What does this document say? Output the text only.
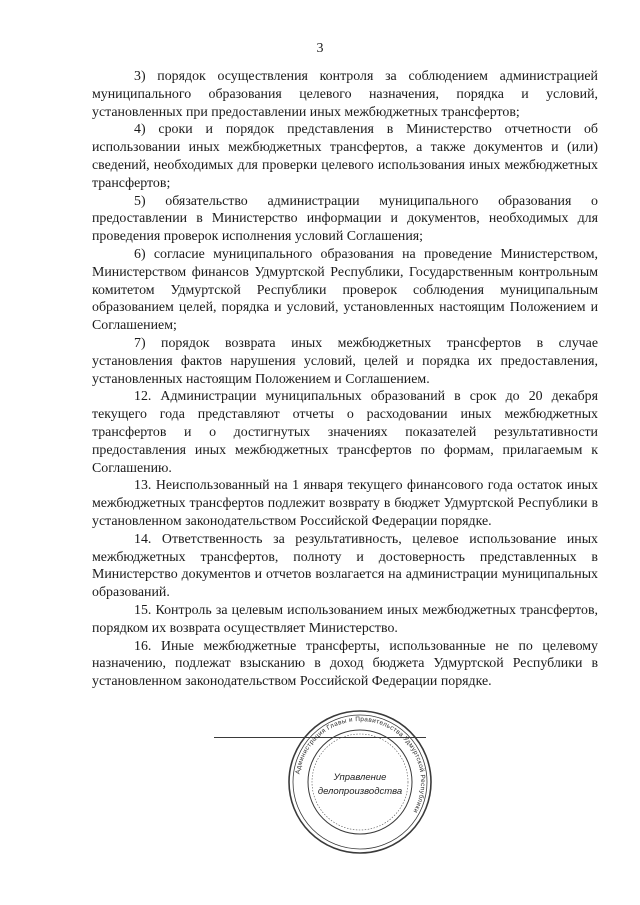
3

3) порядок осуществления контроля за соблюдением администрацией муниципального образования целевого назначения, порядка и условий, установленных при предоставлении иных межбюджетных трансфертов;

4) сроки и порядок представления в Министерство отчетности об использовании иных межбюджетных трансфертов, а также документов и (или) сведений, необходимых для проверки целевого использования иных межбюджетных трансфертов;

5) обязательство администрации муниципального образования о предоставлении в Министерство информации и документов, необходимых для проведения проверок исполнения условий Соглашения;

6) согласие муниципального образования на проведение Министерством, Министерством финансов Удмуртской Республики, Государственным контрольным комитетом Удмуртской Республики проверок соблюдения муниципальным образованием целей, порядка и условий, установленных настоящим Положением и Соглашением;

7) порядок возврата иных межбюджетных трансфертов в случае установления фактов нарушения условий, целей и порядка их предоставления, установленных настоящим Положением и Соглашением.

12. Администрации муниципальных образований в срок до 20 декабря текущего года представляют отчеты о расходовании иных межбюджетных трансфертов и о достигнутых значениях показателей результативности предоставления иных межбюджетных трансфертов по формам, прилагаемым к Соглашению.

13. Неиспользованный на 1 января текущего финансового года остаток иных межбюджетных трансфертов подлежит возврату в бюджет Удмуртской Республики в установленном законодательством Российской Федерации порядке.

14. Ответственность за результативность, целевое использование иных межбюджетных трансфертов, полноту и достоверность представленных в Министерство документов и отчетов возлагается на администрации муниципальных образований.

15. Контроль за целевым использованием иных межбюджетных трансфертов, порядком их возврата осуществляет Министерство.

16. Иные межбюджетные трансферты, использованные не по целевому назначению, подлежат взысканию в доход бюджета Удмуртской Республики в установленном законодательством Российской Федерации порядке.

Администрация Главы и Правительства Удмуртской Республики
Управление
делопроизводства
